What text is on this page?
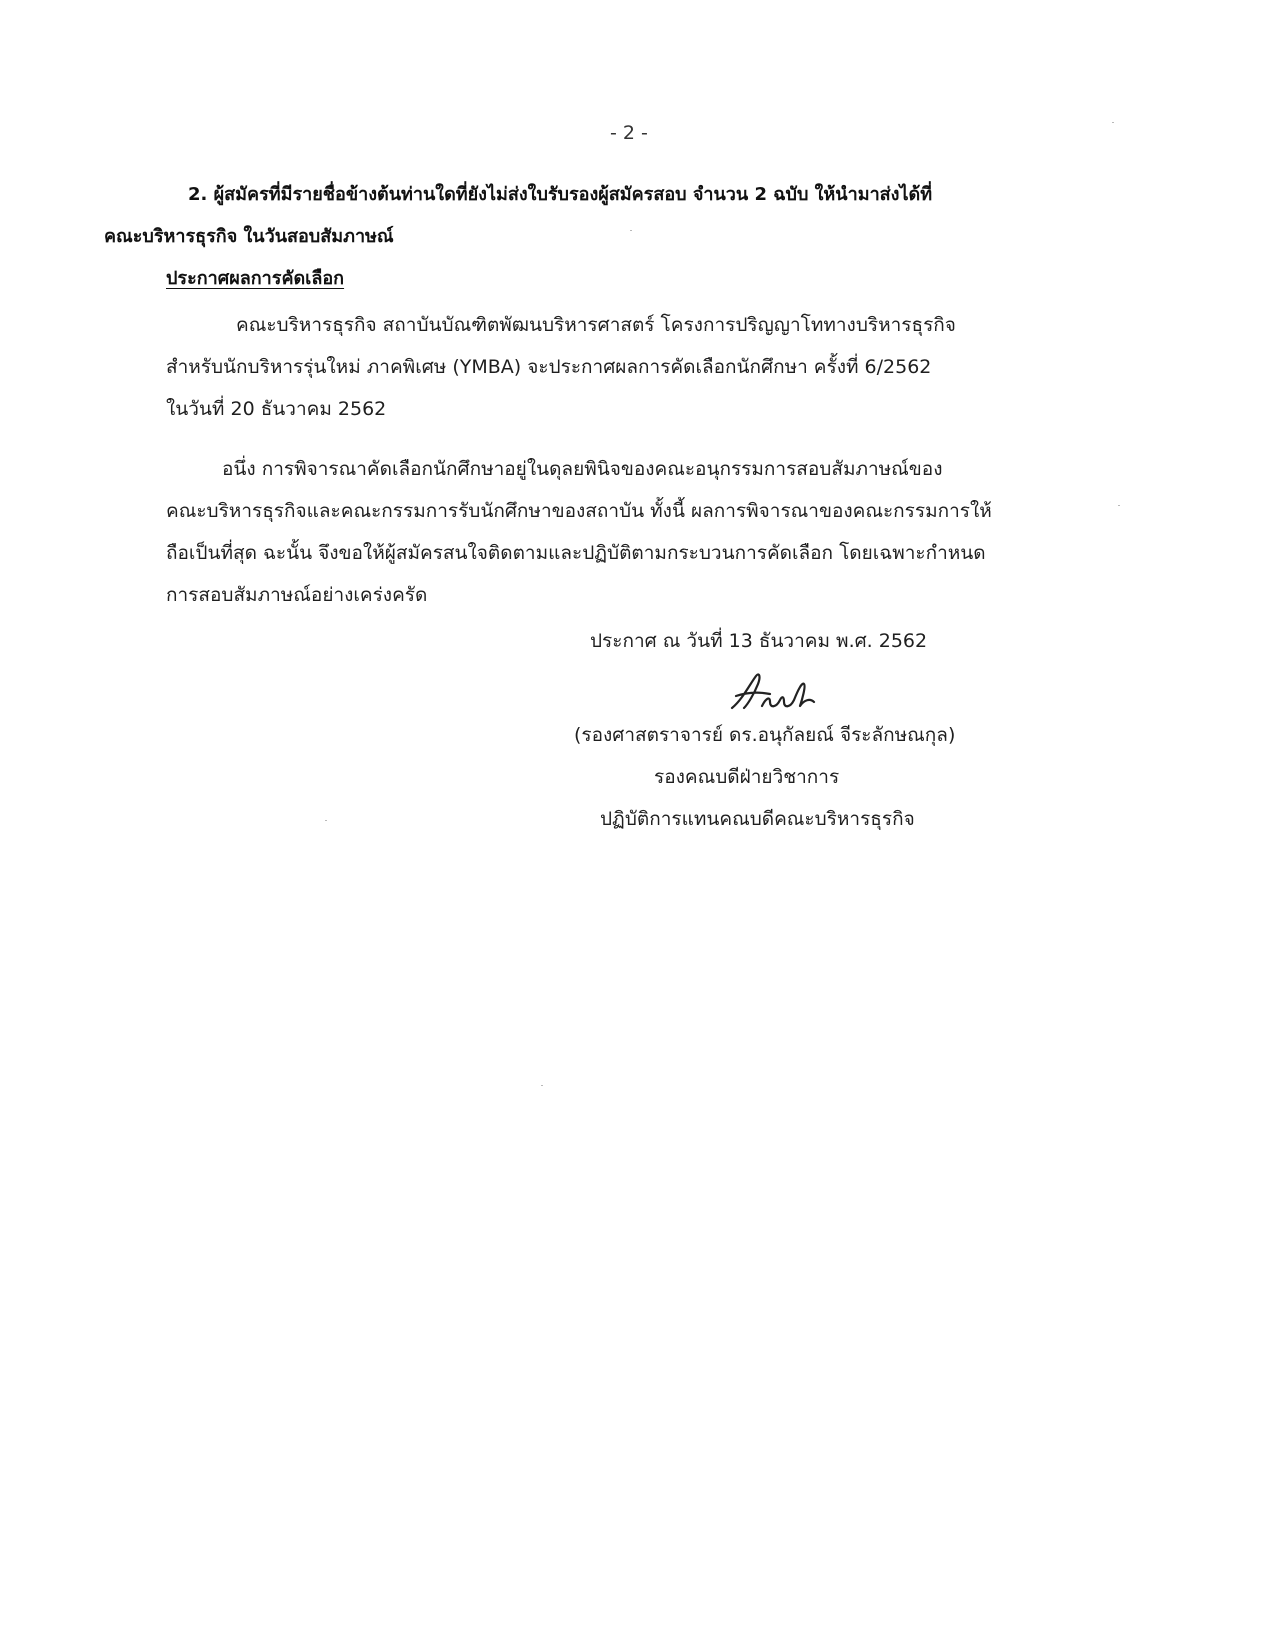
- 2 -
2. ผู้สมัครที่มีรายชื่อข้างต้นท่านใดที่ยังไม่ส่งใบรับรองผู้สมัครสอบ จำนวน 2 ฉบับ ให้นำมาส่งได้ที่
คณะบริหารธุรกิจ ในวันสอบสัมภาษณ์
ประกาศผลการคัดเลือก
คณะบริหารธุรกิจ สถาบันบัณฑิตพัฒนบริหารศาสตร์ โครงการปริญญาโททางบริหารธุรกิจ
สำหรับนักบริหารรุ่นใหม่ ภาคพิเศษ (YMBA) จะประกาศผลการคัดเลือกนักศึกษา ครั้งที่ 6/2562
ในวันที่ 20 ธันวาคม 2562
อนึ่ง การพิจารณาคัดเลือกนักศึกษาอยู่ในดุลยพินิจของคณะอนุกรรมการสอบสัมภาษณ์ของ
คณะบริหารธุรกิจและคณะกรรมการรับนักศึกษาของสถาบัน ทั้งนี้ ผลการพิจารณาของคณะกรรมการให้
ถือเป็นที่สุด ฉะนั้น จึงขอให้ผู้สมัครสนใจติดตามและปฏิบัติตามกระบวนการคัดเลือก โดยเฉพาะกำหนด
การสอบสัมภาษณ์อย่างเคร่งครัด
ประกาศ ณ วันที่ 13 ธันวาคม พ.ศ. 2562
(รองศาสตราจารย์ ดร.อนุกัลยณ์ จีระลักษณกุล)
รองคณบดีฝ่ายวิชาการ
ปฏิบัติการแทนคณบดีคณะบริหารธุรกิจ
